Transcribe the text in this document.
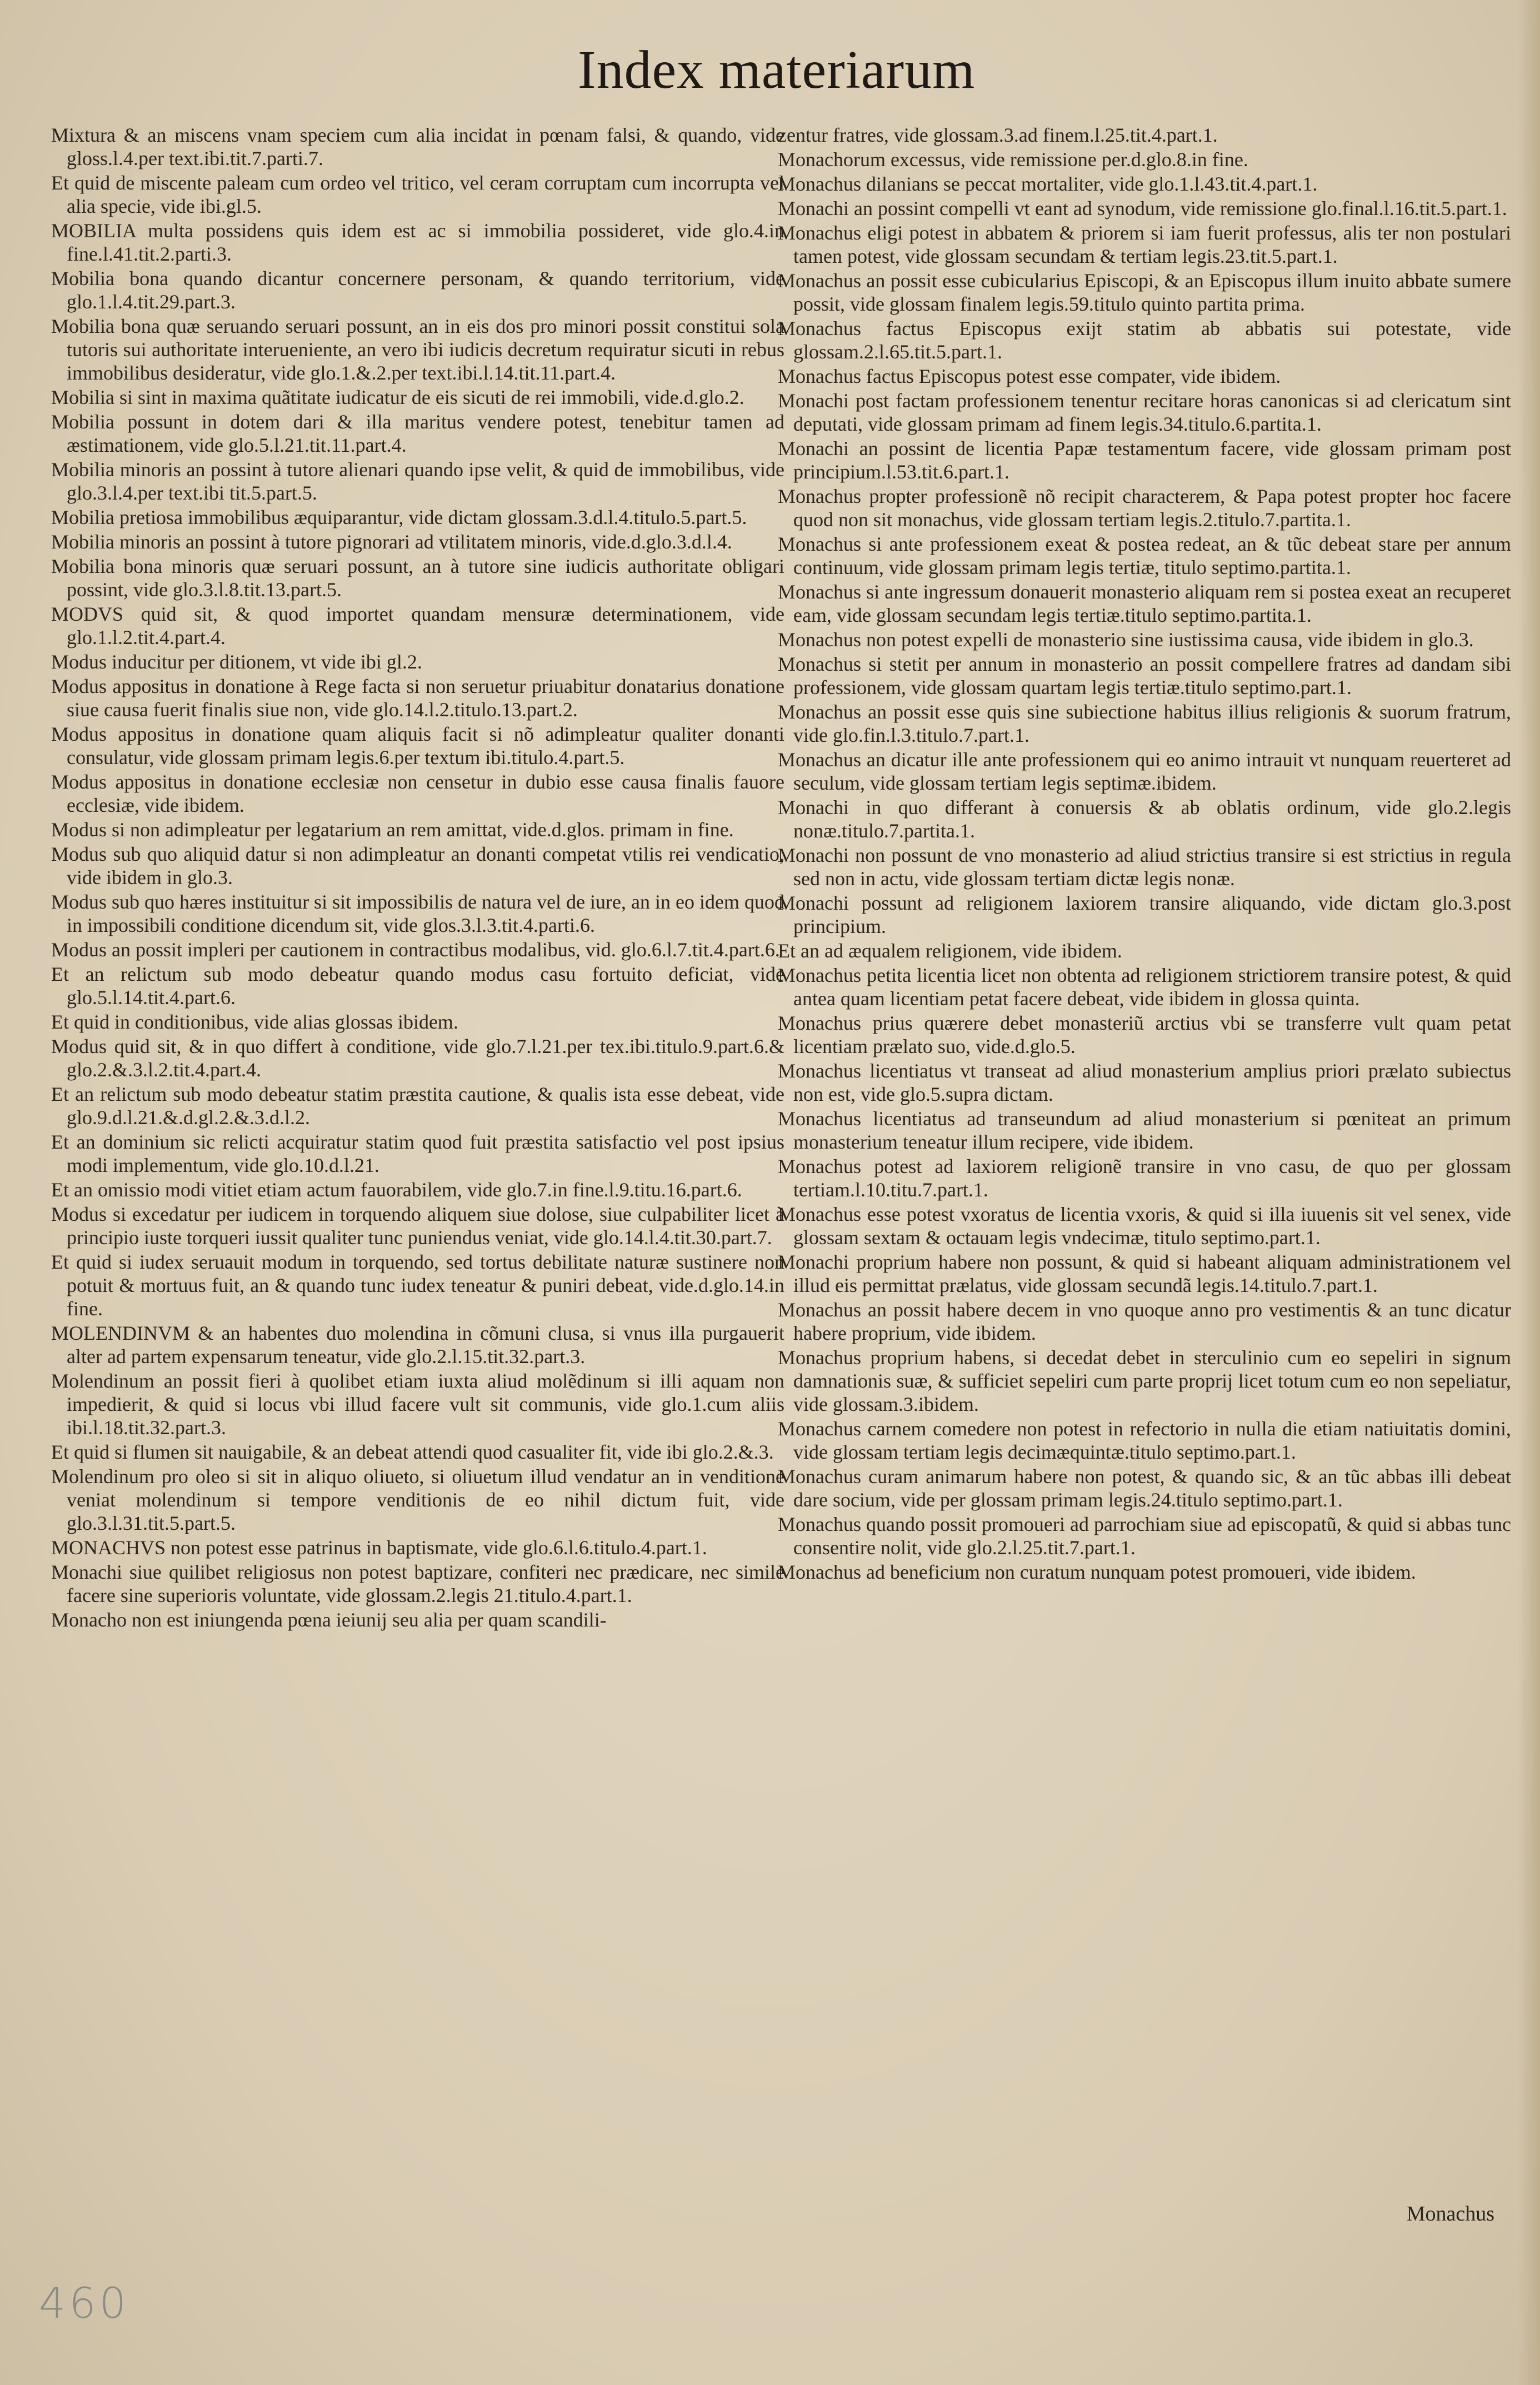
Index materiarum
Mixtura & an miscens vnam speciem cum alia incidat in pœnam falsi, & quando, vide gloss.l.4.per text.ibi.tit.7.parti.7.
Et quid de miscente paleam cum ordeo vel tritico, vel ceram corruptam cum incorrupta vel alia specie, vide ibi.gl.5.
MOBILIA multa possidens quis idem est ac si immobilia possideret, vide glo.4.in fine.l.41.tit.2.parti.3.
Mobilia bona quando dicantur concernere personam, & quando territorium, vide glo.1.l.4.tit.29.part.3.
Mobilia bona quæ seruando seruari possunt, an in eis dos pro minori possit constitui sola tutoris sui authoritate interueniente, an vero ibi iudicis decretum requiratur sicuti in rebus immobilibus desideratur, vide glo.1.&.2.per text.ibi.l.14.tit.11.part.4.
Mobilia si sint in maxima quãtitate iudicatur de eis sicuti de rei immobili, vide.d.glo.2.
Mobilia possunt in dotem dari & illa maritus vendere potest, tenebitur tamen ad æstimationem, vide glo.5.l.21.tit.11.part.4.
Mobilia minoris an possint à tutore alienari quando ipse velit, & quid de immobilibus, vide glo.3.l.4.per text.ibi tit.5.part.5.
Mobilia pretiosa immobilibus æquiparantur, vide dictam glossam.3.d.l.4.titulo.5.part.5.
Mobilia minoris an possint à tutore pignorari ad vtilitatem minoris, vide.d.glo.3.d.l.4.
Mobilia bona minoris quæ seruari possunt, an à tutore sine iudicis authoritate obligari possint, vide glo.3.l.8.tit.13.part.5.
MODVS quid sit, & quod importet quandam mensuræ determinationem, vide glo.1.l.2.tit.4.part.4.
Modus inducitur per ditionem, vt vide ibi gl.2.
Modus appositus in donatione à Rege facta si non seruetur priuabitur donatarius donatione siue causa fuerit finalis siue non, vide glo.14.l.2.titulo.13.part.2.
Modus appositus in donatione quam aliquis facit si nõ adimpleatur qualiter donanti consulatur, vide glossam primam legis.6.per textum ibi.titulo.4.part.5.
Modus appositus in donatione ecclesiæ non censetur in dubio esse causa finalis fauore ecclesiæ, vide ibidem.
Modus si non adimpleatur per legatarium an rem amittat, vide.d.glos. primam in fine.
Modus sub quo aliquid datur si non adimpleatur an donanti competat vtilis rei vendicatio, vide ibidem in glo.3.
Modus sub quo hæres instituitur si sit impossibilis de natura vel de iure, an in eo idem quod in impossibili conditione dicendum sit, vide glos.3.l.3.tit.4.parti.6.
Modus an possit impleri per cautionem in contractibus modalibus, vid. glo.6.l.7.tit.4.part.6.
Et an relictum sub modo debeatur quando modus casu fortuito deficiat, vide glo.5.l.14.tit.4.part.6.
Et quid in conditionibus, vide alias glossas ibidem.
Modus quid sit, & in quo differt à conditione, vide glo.7.l.21.per tex.ibi.titulo.9.part.6.& glo.2.&.3.l.2.tit.4.part.4.
Et an relictum sub modo debeatur statim præstita cautione, & qualis ista esse debeat, vide glo.9.d.l.21.&.d.gl.2.&.3.d.l.2.
Et an dominium sic relicti acquiratur statim quod fuit præstita satisfactio vel post ipsius modi implementum, vide glo.10.d.l.21.
Et an omissio modi vitiet etiam actum fauorabilem, vide glo.7.in fine.l.9.titu.16.part.6.
Modus si excedatur per iudicem in torquendo aliquem siue dolose, siue culpabiliter licet à principio iuste torqueri iussit qualiter tunc puniendus veniat, vide glo.14.l.4.tit.30.part.7.
Et quid si iudex seruauit modum in torquendo, sed tortus debilitate naturæ sustinere non potuit & mortuus fuit, an & quando tunc iudex teneatur & puniri debeat, vide.d.glo.14.in fine.
MOLENDINVM & an habentes duo molendina in cõmuni clusa, si vnus illa purgauerit alter ad partem expensarum teneatur, vide glo.2.l.15.tit.32.part.3.
Molendinum an possit fieri à quolibet etiam iuxta aliud molẽdinum si illi aquam non impedierit, & quid si locus vbi illud facere vult sit communis, vide glo.1.cum aliis ibi.l.18.tit.32.part.3.
Et quid si flumen sit nauigabile, & an debeat attendi quod casualiter fit, vide ibi glo.2.&.3.
Molendinum pro oleo si sit in aliquo oliueto, si oliuetum illud vendatur an in venditione veniat molendinum si tempore venditionis de eo nihil dictum fuit, vide glo.3.l.31.tit.5.part.5.
MONACHVS non potest esse patrinus in baptismate, vide glo.6.l.6.titulo.4.part.1.
Monachi siue quilibet religiosus non potest baptizare, confiteri nec prædicare, nec simile facere sine superioris voluntate, vide glossam.2.legis 21.titulo.4.part.1.
Monacho non est iniungenda pœna ieiunij seu alia per quam scandili-
zentur fratres, vide glossam.3.ad finem.l.25.tit.4.part.1.
Monachorum excessus, vide remissione per.d.glo.8.in fine.
Monachus dilanians se peccat mortaliter, vide glo.1.l.43.tit.4.part.1.
Monachi an possint compelli vt eant ad synodum, vide remissione glo.final.l.16.tit.5.part.1.
Monachus eligi potest in abbatem & priorem si iam fuerit professus, alis ter non postulari tamen potest, vide glossam secundam & tertiam legis.23.tit.5.part.1.
Monachus an possit esse cubicularius Episcopi, & an Episcopus illum inuito abbate sumere possit, vide glossam finalem legis.59.titulo quinto partita prima.
Monachus factus Episcopus exijt statim ab abbatis sui potestate, vide glossam.2.l.65.tit.5.part.1.
Monachus factus Episcopus potest esse compater, vide ibidem.
Monachi post factam professionem tenentur recitare horas canonicas si ad clericatum sint deputati, vide glossam primam ad finem legis.34.titulo.6.partita.1.
Monachi an possint de licentia Papæ testamentum facere, vide glossam primam post principium.l.53.tit.6.part.1.
Monachus propter professionẽ nõ recipit characterem, & Papa potest propter hoc facere quod non sit monachus, vide glossam tertiam legis.2.titulo.7.partita.1.
Monachus si ante professionem exeat & postea redeat, an & tũc debeat stare per annum continuum, vide glossam primam legis tertiæ, titulo septimo.partita.1.
Monachus si ante ingressum donauerit monasterio aliquam rem si postea exeat an recuperet eam, vide glossam secundam legis tertiæ.titulo septimo.partita.1.
Monachus non potest expelli de monasterio sine iustissima causa, vide ibidem in glo.3.
Monachus si stetit per annum in monasterio an possit compellere fratres ad dandam sibi professionem, vide glossam quartam legis tertiæ.titulo septimo.part.1.
Monachus an possit esse quis sine subiectione habitus illius religionis & suorum fratrum, vide glo.fin.l.3.titulo.7.part.1.
Monachus an dicatur ille ante professionem qui eo animo intrauit vt nunquam reuerteret ad seculum, vide glossam tertiam legis septimæ.ibidem.
Monachi in quo differant à conuersis & ab oblatis ordinum, vide glo.2.legis nonæ.titulo.7.partita.1.
Monachi non possunt de vno monasterio ad aliud strictius transire si est strictius in regula sed non in actu, vide glossam tertiam dictæ legis nonæ.
Monachi possunt ad religionem laxiorem transire aliquando, vide dictam glo.3.post principium.
Et an ad æqualem religionem, vide ibidem.
Monachus petita licentia licet non obtenta ad religionem strictiorem transire potest, & quid antea quam licentiam petat facere debeat, vide ibidem in glossa quinta.
Monachus prius quærere debet monasteriũ arctius vbi se transferre vult quam petat licentiam prælato suo, vide.d.glo.5.
Monachus licentiatus vt transeat ad aliud monasterium amplius priori prælato subiectus non est, vide glo.5.supra dictam.
Monachus licentiatus ad transeundum ad aliud monasterium si pœniteat an primum monasterium teneatur illum recipere, vide ibidem.
Monachus potest ad laxiorem religionẽ transire in vno casu, de quo per glossam tertiam.l.10.titu.7.part.1.
Monachus esse potest vxoratus de licentia vxoris, & quid si illa iuuenis sit vel senex, vide glossam sextam & octauam legis vndecimæ, titulo septimo.part.1.
Monachi proprium habere non possunt, & quid si habeant aliquam administrationem vel illud eis permittat prælatus, vide glossam secundã legis.14.titulo.7.part.1.
Monachus an possit habere decem in vno quoque anno pro vestimentis & an tunc dicatur habere proprium, vide ibidem.
Monachus proprium habens, si decedat debet in sterculinio cum eo sepeliri in signum damnationis suæ, & sufficiet sepeliri cum parte proprij licet totum cum eo non sepeliatur, vide glossam.3.ibidem.
Monachus carnem comedere non potest in refectorio in nulla die etiam natiuitatis domini, vide glossam tertiam legis decimæquintæ.titulo septimo.part.1.
Monachus curam animarum habere non potest, & quando sic, & an tũc abbas illi debeat dare socium, vide per glossam primam legis.24.titulo septimo.part.1.
Monachus quando possit promoueri ad parrochiam siue ad episcopatũ, & quid si abbas tunc consentire nolit, vide glo.2.l.25.tit.7.part.1.
Monachus ad beneficium non curatum nunquam potest promoueri, vide ibidem.
Monachus
460
